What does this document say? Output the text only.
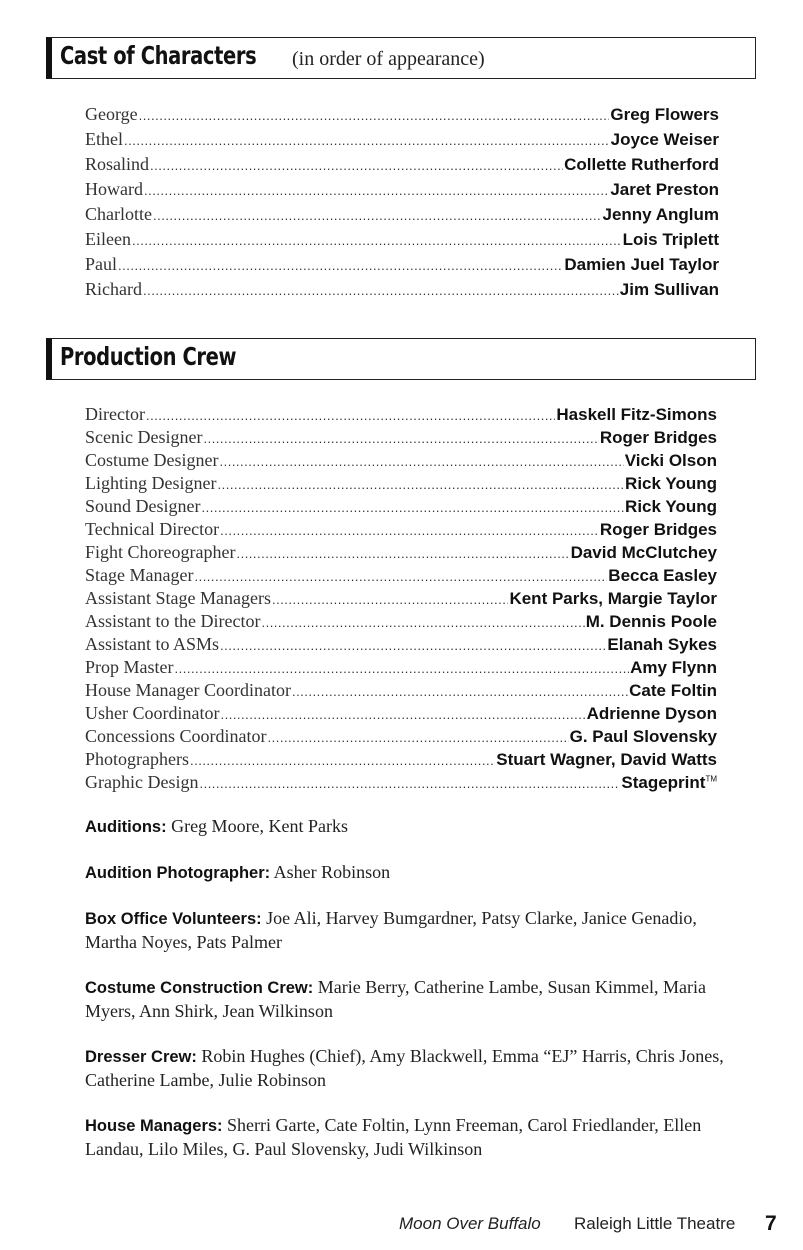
Cast of Characters (in order of appearance)
George .....	Greg Flowers
Ethel .....	Joyce Weiser
Rosalind .....	Collette Rutherford
Howard .....	Jaret Preston
Charlotte .....	Jenny Anglum
Eileen .....	Lois Triplett
Paul .....	Damien Juel Taylor
Richard .....	Jim Sullivan
Production Crew
Director .....	Haskell Fitz-Simons
Scenic Designer .....	Roger Bridges
Costume Designer .....	Vicki Olson
Lighting Designer .....	Rick Young
Sound Designer .....	Rick Young
Technical Director .....	Roger Bridges
Fight Choreographer .....	David McClutchey
Stage Manager .....	Becca Easley
Assistant Stage Managers .....	Kent Parks, Margie Taylor
Assistant to the Director .....	M. Dennis Poole
Assistant to ASMs .....	Elanah Sykes
Prop Master .....	Amy Flynn
House Manager Coordinator .....	Cate Foltin
Usher Coordinator .....	Adrienne Dyson
Concessions Coordinator .....	G. Paul Slovensky
Photographers .....	Stuart Wagner, David Watts
Graphic Design .....	Stageprint™
Auditions: Greg Moore, Kent Parks
Audition Photographer: Asher Robinson
Box Office Volunteers: Joe Ali, Harvey Bumgardner, Patsy Clarke, Janice Genadio, Martha Noyes, Pats Palmer
Costume Construction Crew: Marie Berry, Catherine Lambe, Susan Kimmel, Maria Myers, Ann Shirk, Jean Wilkinson
Dresser Crew: Robin Hughes (Chief), Amy Blackwell, Emma “EJ” Harris, Chris Jones, Catherine Lambe, Julie Robinson
House Managers: Sherri Garte, Cate Foltin, Lynn Freeman, Carol Friedlander, Ellen Landau, Lilo Miles, G. Paul Slovensky, Judi Wilkinson
Moon Over Buffalo Raleigh Little Theatre 7
